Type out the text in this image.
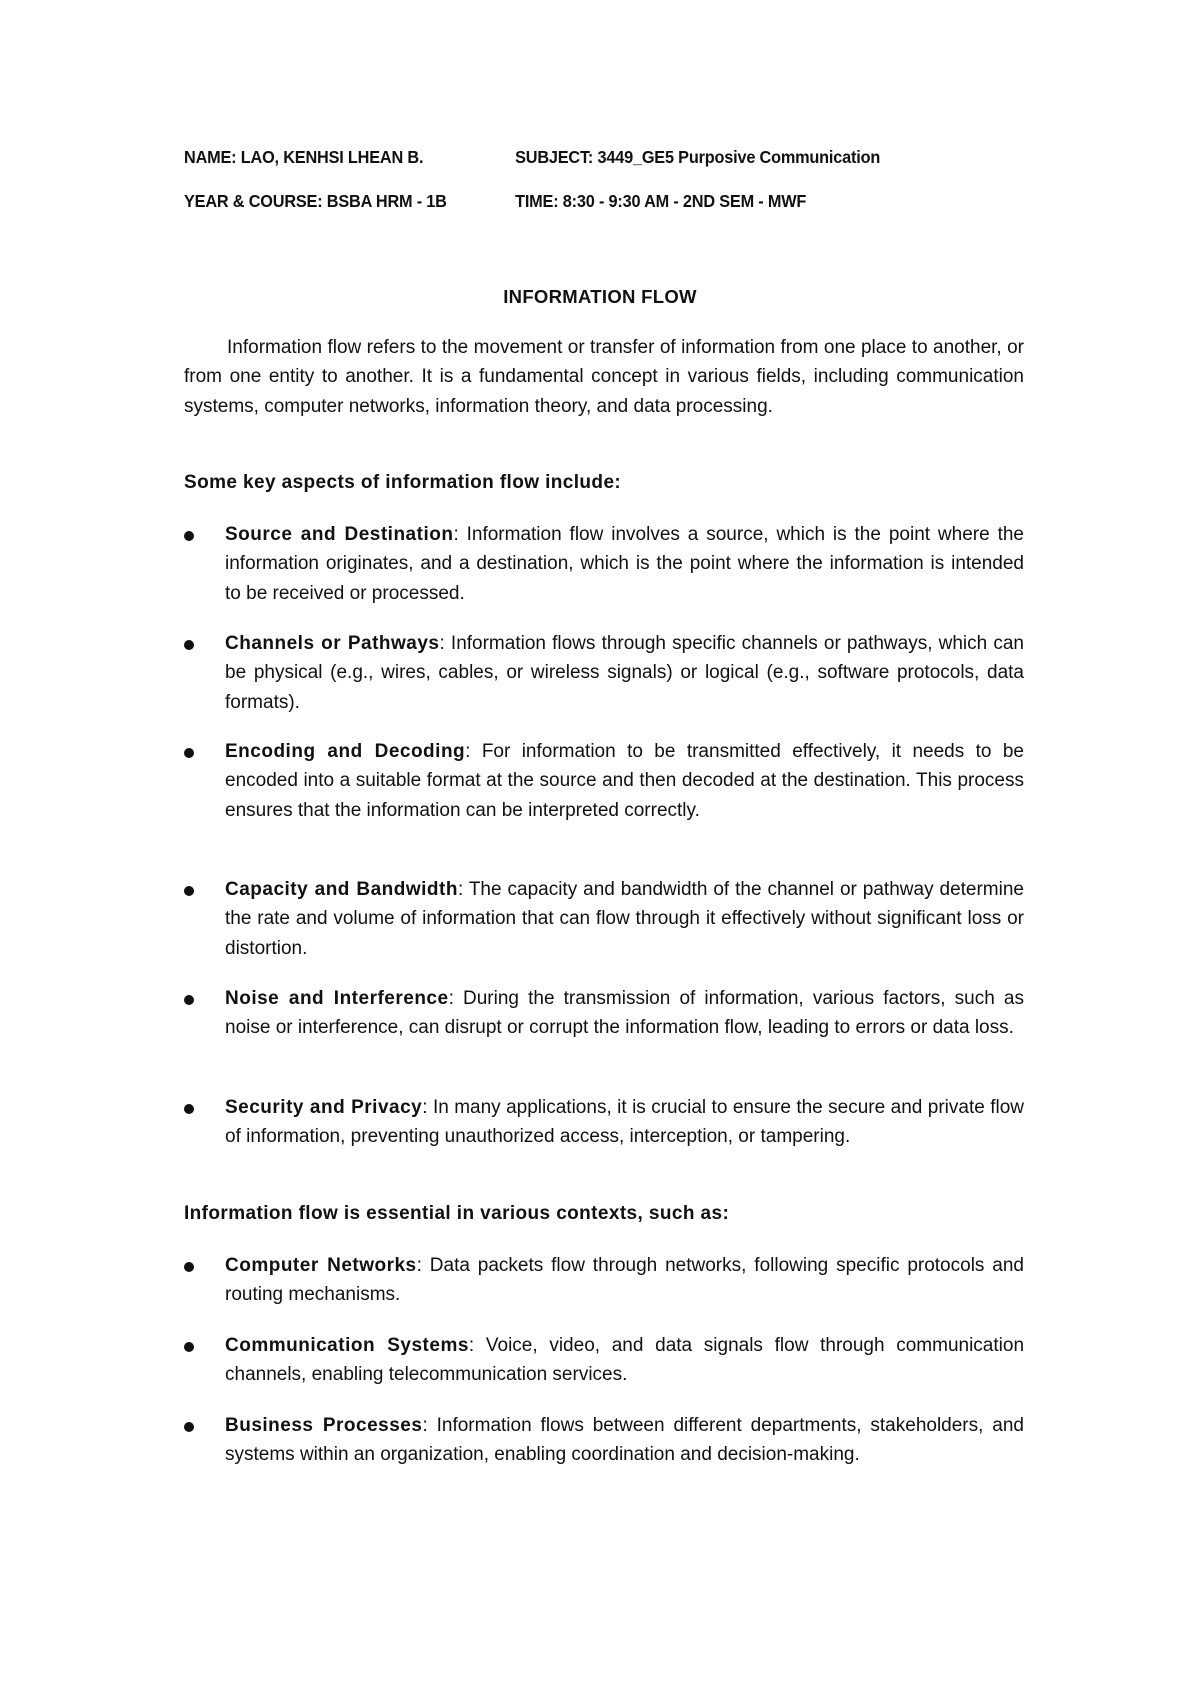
NAME: LAO, KENHSI LHEAN B.	SUBJECT: 3449_GE5 Purposive Communication
YEAR & COURSE: BSBA HRM - 1B	TIME: 8:30 - 9:30 AM - 2ND SEM - MWF
INFORMATION FLOW
Information flow refers to the movement or transfer of information from one place to another, or from one entity to another. It is a fundamental concept in various fields, including communication systems, computer networks, information theory, and data processing.
Some key aspects of information flow include:
Source and Destination: Information flow involves a source, which is the point where the information originates, and a destination, which is the point where the information is intended to be received or processed.
Channels or Pathways: Information flows through specific channels or pathways, which can be physical (e.g., wires, cables, or wireless signals) or logical (e.g., software protocols, data formats).
Encoding and Decoding: For information to be transmitted effectively, it needs to be encoded into a suitable format at the source and then decoded at the destination. This process ensures that the information can be interpreted correctly.
Capacity and Bandwidth: The capacity and bandwidth of the channel or pathway determine the rate and volume of information that can flow through it effectively without significant loss or distortion.
Noise and Interference: During the transmission of information, various factors, such as noise or interference, can disrupt or corrupt the information flow, leading to errors or data loss.
Security and Privacy: In many applications, it is crucial to ensure the secure and private flow of information, preventing unauthorized access, interception, or tampering.
Information flow is essential in various contexts, such as:
Computer Networks: Data packets flow through networks, following specific protocols and routing mechanisms.
Communication Systems: Voice, video, and data signals flow through communication channels, enabling telecommunication services.
Business Processes: Information flows between different departments, stakeholders, and systems within an organization, enabling coordination and decision-making.
